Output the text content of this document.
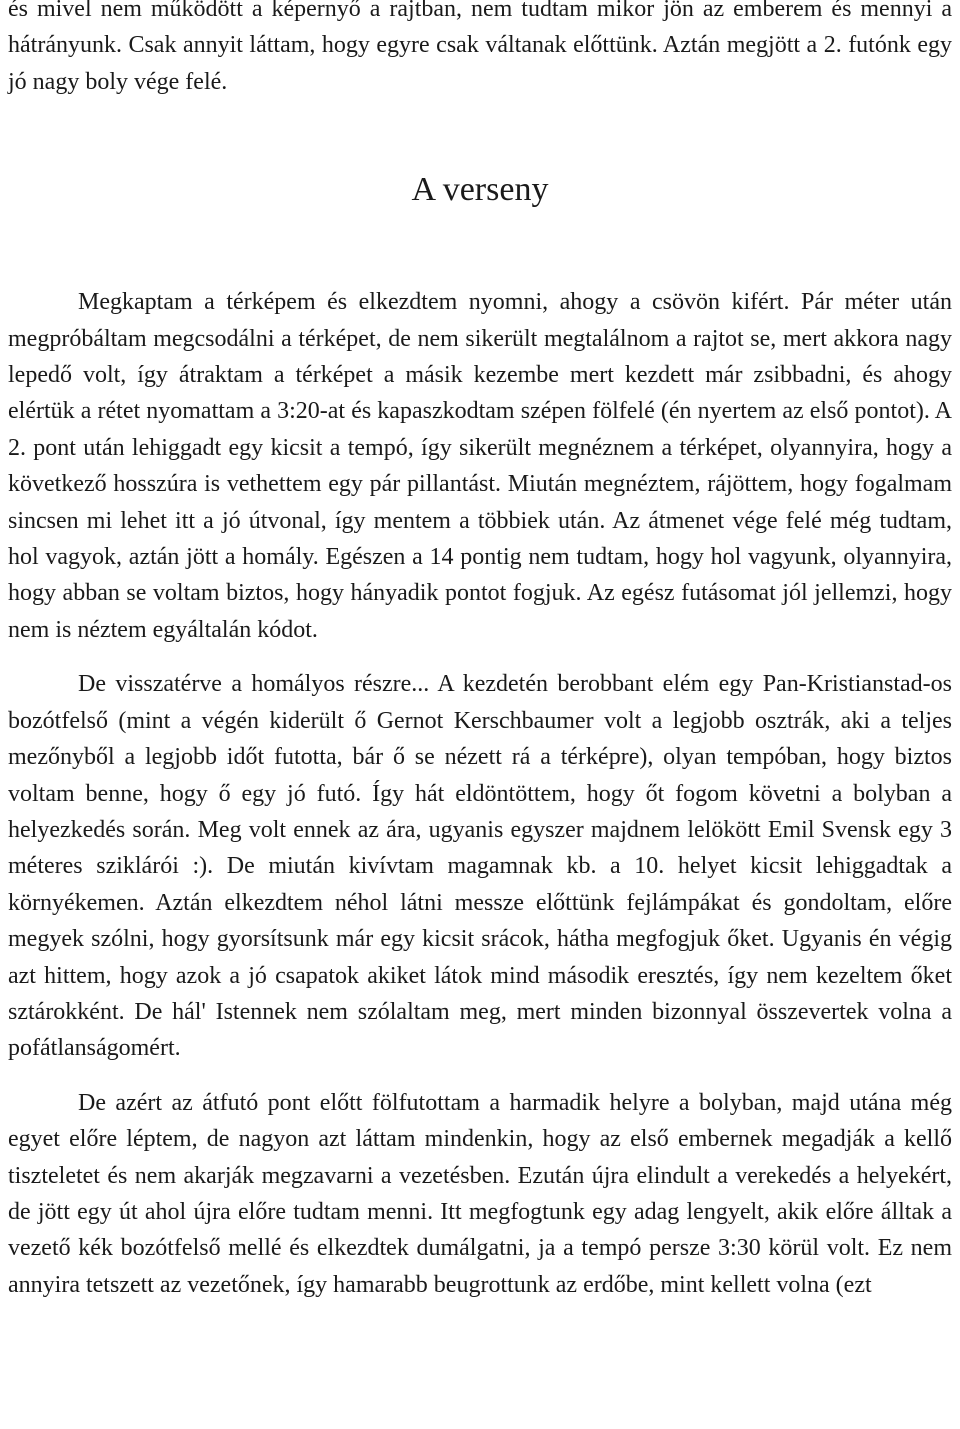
és mivel nem működött a képernyő a rajtban, nem tudtam mikor jön az emberem és mennyi a hátrányunk. Csak annyit láttam, hogy egyre csak váltanak előttünk. Aztán megjött a 2. futónk egy jó nagy boly vége felé.

A verseny

Megkaptam a térképem és elkezdtem nyomni, ahogy a csövön kifért. Pár méter után megpróbáltam megcsodálni a térképet, de nem sikerült megtalálnom a rajtot se, mert akkora nagy lepedő volt, így átraktam a térképet a másik kezembe mert kezdett már zsibbadni, és ahogy elértük a rétet nyomattam a 3:20-at és kapaszkodtam szépen fölfelé (én nyertem az első pontot). A 2. pont után lehiggadt egy kicsit a tempó, így sikerült megnéznem a térképet, olyannyira, hogy a következő hosszúra is vethettem egy pár pillantást. Miután megnéztem, rájöttem, hogy fogalmam sincsen mi lehet itt a jó útvonal, így mentem a többiek után. Az átmenet vége felé még tudtam, hol vagyok, aztán jött a homály. Egészen a 14 pontig nem tudtam, hogy hol vagyunk, olyannyira, hogy abban se voltam biztos, hogy hányadik pontot fogjuk. Az egész futásomat jól jellemzi, hogy nem is néztem egyáltalán kódot.

De visszatérve a homályos részre... A kezdetén berobbant elém egy Pan-Kristianstad-os bozótfelső (mint a végén kiderült ő Gernot Kerschbaumer volt a legjobb osztrák, aki a teljes mezőnyből a legjobb időt futotta, bár ő se nézett rá a térképre), olyan tempóban, hogy biztos voltam benne, hogy ő egy jó futó. Így hát eldöntöttem, hogy őt fogom követni a bolyban a helyezkedés során. Meg volt ennek az ára, ugyanis egyszer majdnem lelökött Emil Svensk egy 3 méteres sziklárói :). De miután kivívtam magamnak kb. a 10. helyet kicsit lehiggadtak a környékemen. Aztán elkezdtem néhol látni messze előttünk fejlámpákat és gondoltam, előre megyek szólni, hogy gyorsítsunk már egy kicsit srácok, hátha megfogjuk őket. Ugyanis én végig azt hittem, hogy azok a jó csapatok akiket látok mind második eresztés, így nem kezeltem őket sztárokként. De hál' Istennek nem szólaltam meg, mert minden bizonnyal összevertek volna a pofátlanságomért.

De azért az átfutó pont előtt fölfutottam a harmadik helyre a bolyban, majd utána még egyet előre léptem, de nagyon azt láttam mindenkin, hogy az első embernek megadják a kellő tiszteletet és nem akarják megzavarni a vezetésben. Ezután újra elindult a verekedés a helyekért, de jött egy út ahol újra előre tudtam menni. Itt megfogtunk egy adag lengyelt, akik előre álltak a vezető kék bozótfelső mellé és elkezdtek dumálgatni, ja a tempó persze 3:30 körül volt. Ez nem annyira tetszett az vezetőnek, így hamarabb beugrottunk az erdőbe, mint kellett volna (ezt
